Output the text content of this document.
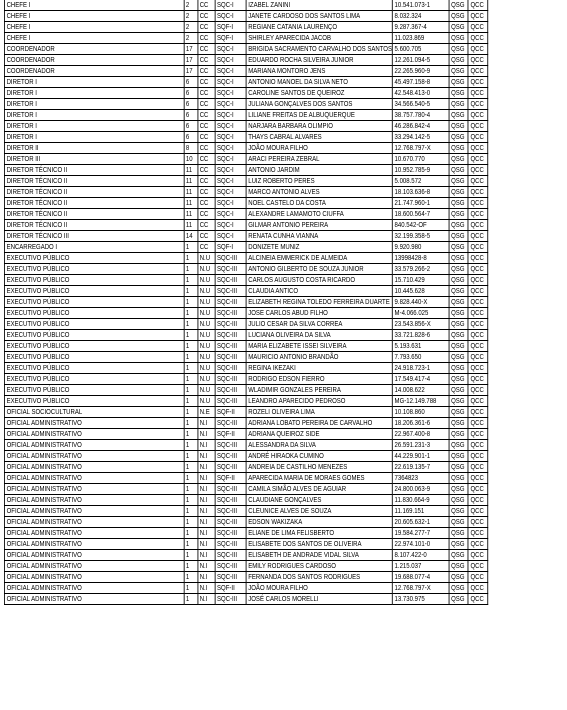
CHEFE I	2	CC	SQC-I	IZABEL ZANINI	10.541.073-1	QSG	QCC
CHEFE I	2	CC	SQC-I	JANETE CARDOSO DOS SANTOS LIMA	8.032.324	QSG	QCC
CHEFE I	2	CC	SQF-I	REGIANE CATANIA LAURENÇO	9.287.367-4	QSG	QCC
CHEFE I	2	CC	SQF-I	SHIRLEY APARECIDA JACOB	11.023.869	QSG	QCC
COORDENADOR	17	CC	SQC-I	BRIGIDA SACRAMENTO CARVALHO DOS SANTOS	5.600.705	QSG	QCC
COORDENADOR	17	CC	SQC-I	EDUARDO ROCHA SILVEIRA JUNIOR	12.261.094-5	QSG	QCC
COORDENADOR	17	CC	SQC-I	MARIANA MONTORO JENS	22.265.960-9	QSG	QCC
DIRETOR I	6	CC	SQC-I	ANTONIO MANOEL DA SILVA NETO	45.497.158-8	QSG	QCC
DIRETOR I	6	CC	SQC-I	CAROLINE SANTOS DE QUEIROZ	42.548.413-0	QSG	QCC
DIRETOR I	6	CC	SQC-I	JULIANA GONÇALVES DOS SANTOS	34.566.540-5	QSG	QCC
DIRETOR I	6	CC	SQC-I	LILIANE FREITAS DE ALBUQUERQUE	38.757.780-4	QSG	QCC
DIRETOR I	6	CC	SQC-I	NARJARA BARBARA OLIMPIO	46.286.842-4	QSG	QCC
DIRETOR I	6	CC	SQC-I	THAYS CABRAL ALVARES	33.294.142-5	QSG	QCC
DIRETOR II	8	CC	SQC-I	JOÃO MOURA FILHO	12.768.797-X	QSG	QCC
DIRETOR III	10	CC	SQC-I	ARACI PEREIRA ZEBRAL	10.670.770	QSG	QCC
DIRETOR TÉCNICO II	11	CC	SQC-I	ANTONIO JARDIM	10.952.785-9	QSG	QCC
DIRETOR TÉCNICO II	11	CC	SQC-I	LUIZ ROBERTO PERES	5.008.572	QSG	QCC
DIRETOR TÉCNICO II	11	CC	SQC-I	MARCO ANTONIO ALVES	18.103.636-8	QSG	QCC
DIRETOR TÉCNICO II	11	CC	SQC-I	NOEL CASTELO DA COSTA	21.747.960-1	QSG	QCC
DIRETOR TÉCNICO II	11	CC	SQC-I	ALEXANDRE LAMAMOTO CIUFFA	18.600.564-7	QSG	QCC
DIRETOR TÉCNICO II	11	CC	SQC-I	GILMAR ANTONIO PEREIRA	840.542-OF	QSG	QCC
DIRETOR TÉCNICO III	14	CC	SQC-I	RENATA CUNHA VIANNA	32.199.358-5	QSG	QCC
ENCARREGADO I	1	CC	SQF-I	DONIZETE MUNIZ	9.920.980	QSG	QCC
EXECUTIVO PÚBLICO	1	N.U	SQC-III	ALCINEIA EMMERICK DE ALMEIDA	13998428-8	QSG	QCC
EXECUTIVO PÚBLICO	1	N.U	SQC-III	ANTONIO GILBERTO DE SOUZA JUNIOR	33.579.266-2	QSG	QCC
EXECUTIVO PÚBLICO	1	N.U	SQC-III	CARLOS AUGUSTO COSTA RICARDO	15.710.429	QSG	QCC
EXECUTIVO PÚBLICO	1	N.U	SQC-III	CLAUDIA ANTICO	10.445.628	QSG	QCC
EXECUTIVO PÚBLICO	1	N.U	SQC-III	ELIZABETH REGINA TOLEDO FERREIRA DUARTE	9.828.440-X	QSG	QCC
EXECUTIVO PÚBLICO	1	N.U	SQC-III	JOSE CARLOS ABUD FILHO	M-4.066.025	QSG	QCC
EXECUTIVO PÚBLICO	1	N.U	SQC-III	JULIO CESAR DA SILVA CORREA	23.543.856-X	QSG	QCC
EXECUTIVO PÚBLICO	1	N.U	SQC-III	LUCIANA OLIVEIRA DA SILVA	33.721.828-6	QSG	QCC
EXECUTIVO PÚBLICO	1	N.U	SQC-III	MARIA ELIZABETE ISSEI SILVEIRA	5.193.631	QSG	QCC
EXECUTIVO PÚBLICO	1	N.U	SQC-III	MAURICIO ANTONIO BRANDÃO	7.793.650	QSG	QCC
EXECUTIVO PÚBLICO	1	N.U	SQC-III	REGINA IKEZAKI	24.918.723-1	QSG	QCC
EXECUTIVO PÚBLICO	1	N.U	SQC-III	RODRIGO EDSON FIERRO	17.549.417-4	QSG	QCC
EXECUTIVO PÚBLICO	1	N.U	SQC-III	WLADIMIR GONZALES PEREIRA	14.008.622	QSG	QCC
EXECUTIVO PÚBLICO	1	N.U	SQC-III	LEANDRO APARECIDO PEDROSO	MG-12.149.788	QSG	QCC
OFICIAL SOCIOCULTURAL	1	N.E	SQF-II	ROZELI OLIVEIRA LIMA	10.108.860	QSG	QCC
OFICIAL ADMINISTRATIVO	1	N.I	SQC-III	ADRIANA LOBATO PEREIRA DE CARVALHO	18.206.361-6	QSG	QCC
OFICIAL ADMINISTRATIVO	1	N.I	SQF-II	ADRIANA QUEIROZ SIDE	22.967.400-8	QSG	QCC
OFICIAL ADMINISTRATIVO	1	N.I	SQC-III	ALESSANDRA DA SILVA	26.591.231-3	QSG	QCC
OFICIAL ADMINISTRATIVO	1	N.I	SQC-III	ANDRÉ HIRAOKA CUMINO	44.229.901-1	QSG	QCC
OFICIAL ADMINISTRATIVO	1	N.I	SQC-III	ANDREIA DE CASTILHO MENEZES	22.619.135-7	QSG	QCC
OFICIAL ADMINISTRATIVO	1	N.I	SQF-II	APARECIDA MARIA DE MORAES GOMES	7364823	QSG	QCC
OFICIAL ADMINISTRATIVO	1	N.I	SQC-III	CAMILA SIMÃO ALVES DE AGUIAR	24.800.063-9	QSG	QCC
OFICIAL ADMINISTRATIVO	1	N.I	SQC-III	CLAUDIANE GONÇALVES	11.830.664-9	QSG	QCC
OFICIAL ADMINISTRATIVO	1	N.I	SQC-III	CLEUNICE ALVES DE SOUZA	11.169.151	QSG	QCC
OFICIAL ADMINISTRATIVO	1	N.I	SQC-III	EDSON WAKIZAKA	20.605.632-1	QSG	QCC
OFICIAL ADMINISTRATIVO	1	N.I	SQC-III	ELIANE DE LIMA FELISBERTO	19.584.277-7	QSG	QCC
OFICIAL ADMINISTRATIVO	1	N.I	SQC-III	ELISABETE DOS SANTOS DE OLIVEIRA	22.974.101-0	QSG	QCC
OFICIAL ADMINISTRATIVO	1	N.I	SQC-III	ELISABETH DE ANDRADE VIDAL SILVA	8.107.422-0	QSG	QCC
OFICIAL ADMINISTRATIVO	1	N.I	SQC-III	EMILY RODRIGUES CARDOSO	1.215.037	QSG	QCC
OFICIAL ADMINISTRATIVO	1	N.I	SQC-III	FERNANDA DOS SANTOS RODRIGUES	19.688.077-4	QSG	QCC
OFICIAL ADMINISTRATIVO	1	N.I	SQF-II	JOÃO MOURA FILHO	12.768.797-X	QSG	QCC
OFICIAL ADMINISTRATIVO	1	N.I	SQC-III	JOSÉ CARLOS MORELLI	13.730.975	QSG	QCC
